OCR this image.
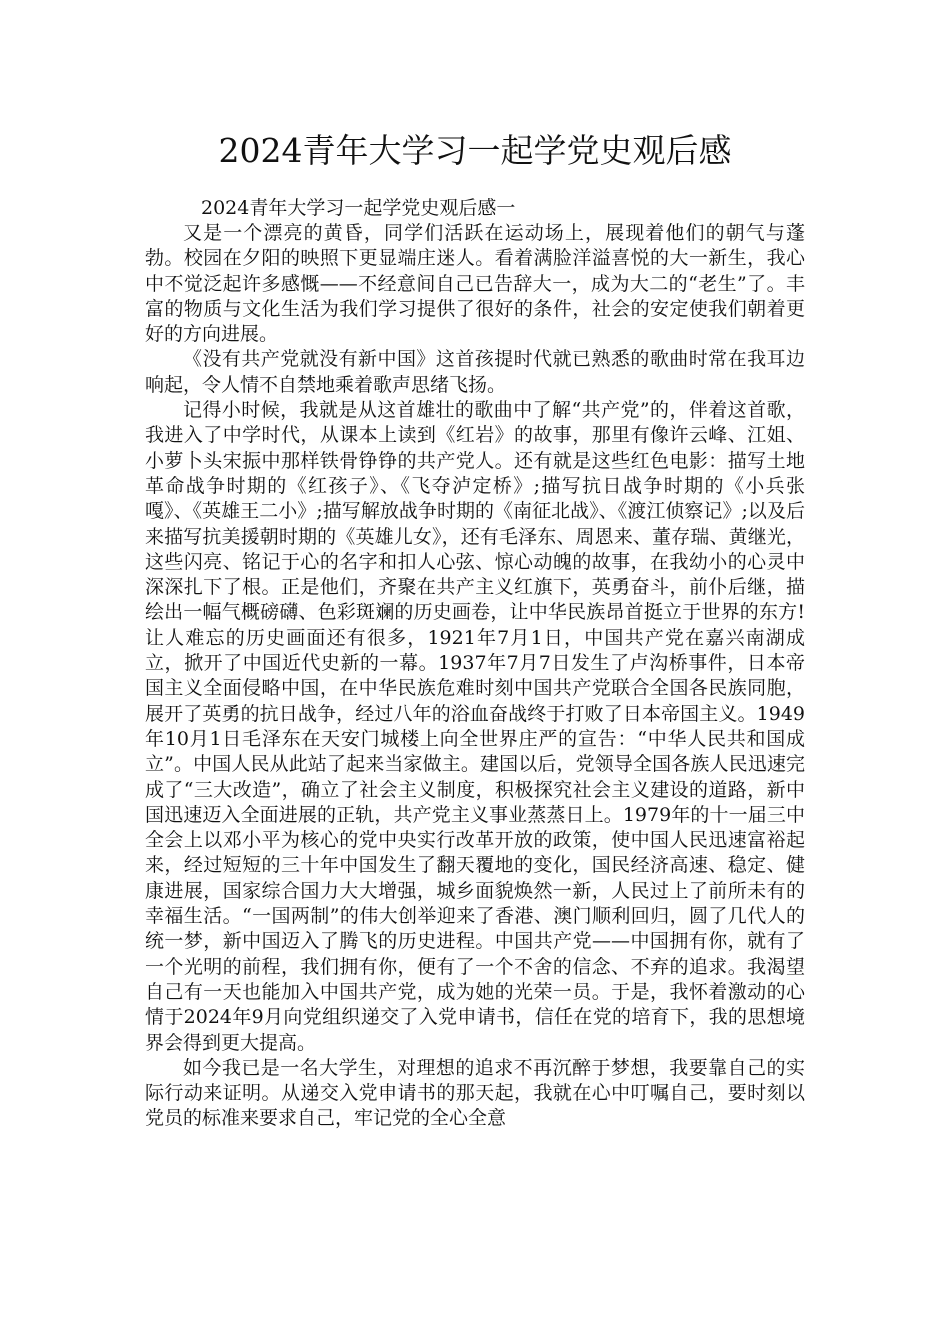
2024青年大学习一起学党史观后感

2024青年大学习一起学党史观后感一

又是一个漂亮的黄昏，同学们活跃在运动场上，展现着他们的朝气与蓬勃。校园在夕阳的映照下更显端庄迷人。看着满脸洋溢喜悦的大一新生，我心中不觉泛起许多感慨——不经意间自己已告辞大一，成为大二的“老生”了。丰富的物质与文化生活为我们学习提供了很好的条件，社会的安定使我们朝着更好的方向进展。

《没有共产党就没有新中国》这首孩提时代就已熟悉的歌曲时常在我耳边响起，令人情不自禁地乘着歌声思绪飞扬。

记得小时候，我就是从这首雄壮的歌曲中了解“共产党”的，伴着这首歌，我进入了中学时代，从课本上读到《红岩》的故事，那里有像许云峰、江姐、小萝卜头宋振中那样铁骨铮铮的共产党人。还有就是这些红色电影：描写土地革命战争时期的《红孩子》、《飞夺泸定桥》;描写抗日战争时期的《小兵张嘎》、《英雄王二小》;描写解放战争时期的《南征北战》、《渡江侦察记》;以及后来描写抗美援朝时期的《英雄儿女》，还有毛泽东、周恩来、董存瑞、黄继光，这些闪亮、铭记于心的名字和扣人心弦、惊心动魄的故事，在我幼小的心灵中深深扎下了根。正是他们，齐聚在共产主义红旗下，英勇奋斗，前仆后继，描绘出一幅气概磅礴、色彩斑斓的历史画卷，让中华民族昂首挺立于世界的东方!让人难忘的历史画面还有很多，1921年7月1日，中国共产党在嘉兴南湖成立，掀开了中国近代史新的一幕。1937年7月7日发生了卢沟桥事件，日本帝国主义全面侵略中国，在中华民族危难时刻中国共产党联合全国各民族同胞，展开了英勇的抗日战争，经过八年的浴血奋战终于打败了日本帝国主义。1949年10月1日毛泽东在天安门城楼上向全世界庄严的宣告：“中华人民共和国成立”。中国人民从此站了起来当家做主。建国以后，党领导全国各族人民迅速完成了“三大改造”，确立了社会主义制度，积极探究社会主义建设的道路，新中国迅速迈入全面进展的正轨，共产党主义事业蒸蒸日上。1979年的十一届三中全会上以邓小平为核心的党中央实行改革开放的政策，使中国人民迅速富裕起来，经过短短的三十年中国发生了翻天覆地的变化，国民经济高速、稳定、健康进展，国家综合国力大大增强，城乡面貌焕然一新，人民过上了前所未有的幸福生活。“一国两制”的伟大创举迎来了香港、澳门顺利回归，圆了几代人的统一梦，新中国迈入了腾飞的历史进程。中国共产党——中国拥有你，就有了一个光明的前程，我们拥有你，便有了一个不舍的信念、不弃的追求。我渴望自己有一天也能加入中国共产党，成为她的光荣一员。于是，我怀着激动的心情于2024年9月向党组织递交了入党申请书，信任在党的培育下，我的思想境界会得到更大提高。

如今我已是一名大学生，对理想的追求不再沉醉于梦想，我要靠自己的实际行动来证明。从递交入党申请书的那天起，我就在心中叮嘱自己，要时刻以党员的标准来要求自己，牢记党的全心全意
